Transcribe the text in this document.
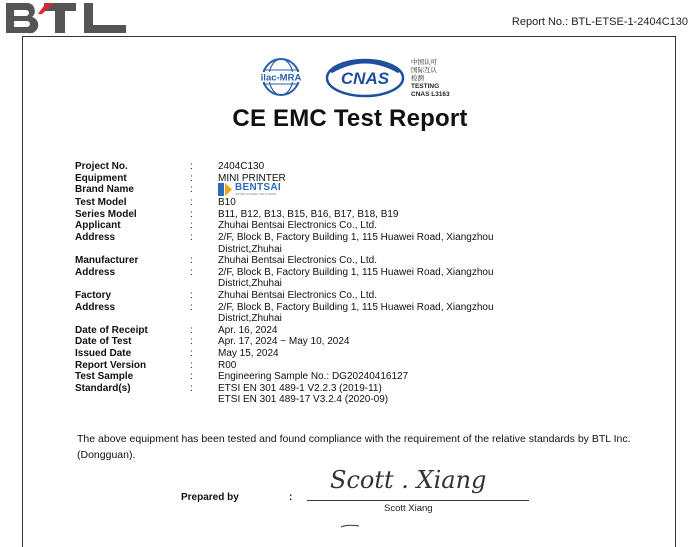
Report No.: BTL-ETSE-1-2404C130
ilac-MRA CNAS
中国认可
国际互认
检测
TESTING
CNAS L3163
CE EMC Test Report
Project No.	:	2404C130
Equipment	:	MINI PRINTER
Brand Name	:	BENTSAI
INKJET CODING SOLUTIONS
Test Model	:	B10
Series Model	:	B11, B12, B13, B15, B16, B17, B18, B19
Applicant	:	Zhuhai Bentsai Electronics Co., Ltd.
Address	:	2/F, Block B, Factory Building 1, 115 Huawei Road, Xiangzhou
District,Zhuhai
Manufacturer	:	Zhuhai Bentsai Electronics Co., Ltd.
Address	:	2/F, Block B, Factory Building 1, 115 Huawei Road, Xiangzhou
District,Zhuhai
Factory	:	Zhuhai Bentsai Electronics Co., Ltd.
Address	:	2/F, Block B, Factory Building 1, 115 Huawei Road, Xiangzhou
District,Zhuhai
Date of Receipt	:	Apr. 16, 2024
Date of Test	:	Apr. 17, 2024 ~ May 10, 2024
Issued Date	:	May 15, 2024
Report Version	:	R00
Test Sample	:	Engineering Sample No.: DG20240416127
Standard(s)	:	ETSI EN 301 489-1 V2.2.3 (2019-11)
ETSI EN 301 489-17 V3.2.4 (2020-09)
The above equipment has been tested and found compliance with the requirement of the relative standards by BTL Inc.(Dongguan).
Prepared by	:
Scott . Xiang
Scott Xiang
